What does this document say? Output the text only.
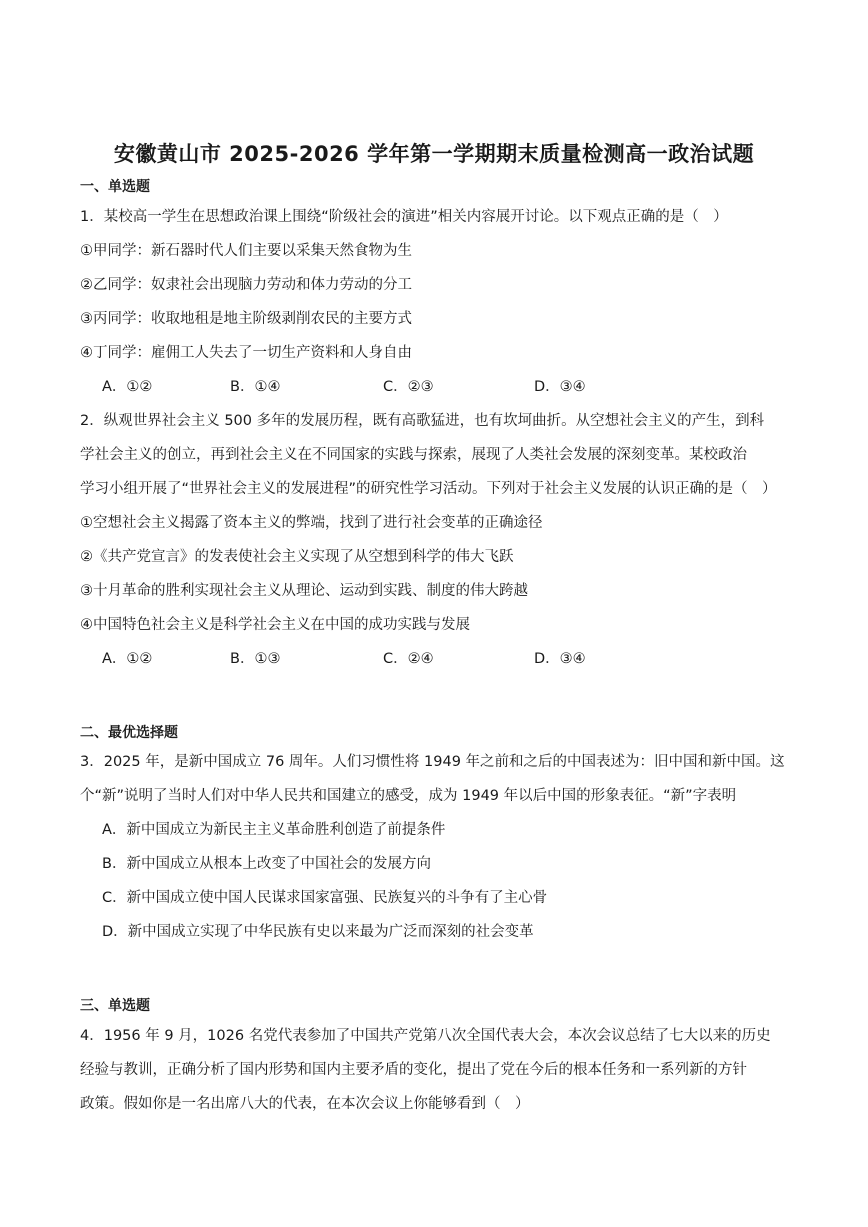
安徽黄山市 2025-2026 学年第一学期期末质量检测高一政治试题
一、单选题
1．某校高一学生在思想政治课上围绕“阶级社会的演进”相关内容展开讨论。以下观点正确的是（　）
①甲同学：新石器时代人们主要以采集天然食物为生
②乙同学：奴隶社会出现脑力劳动和体力劳动的分工
③丙同学：收取地租是地主阶级剥削农民的主要方式
④丁同学：雇佣工人失去了一切生产资料和人身自由
A．①②	B．①④	C．②③	D．③④
2．纵观世界社会主义 500 多年的发展历程，既有高歌猛进，也有坎坷曲折。从空想社会主义的产生，到科
学社会主义的创立，再到社会主义在不同国家的实践与探索，展现了人类社会发展的深刻变革。某校政治
学习小组开展了“世界社会主义的发展进程”的研究性学习活动。下列对于社会主义发展的认识正确的是（　）
①空想社会主义揭露了资本主义的弊端，找到了进行社会变革的正确途径
②《共产党宣言》的发表使社会主义实现了从空想到科学的伟大飞跃
③十月革命的胜利实现社会主义从理论、运动到实践、制度的伟大跨越
④中国特色社会主义是科学社会主义在中国的成功实践与发展
A．①②	B．①③	C．②④	D．③④
二、最优选择题
3．2025 年，是新中国成立 76 周年。人们习惯性将 1949 年之前和之后的中国表述为：旧中国和新中国。这
个“新”说明了当时人们对中华人民共和国建立的感受，成为 1949 年以后中国的形象表征。“新”字表明
A．新中国成立为新民主主义革命胜利创造了前提条件
B．新中国成立从根本上改变了中国社会的发展方向
C．新中国成立使中国人民谋求国家富强、民族复兴的斗争有了主心骨
D．新中国成立实现了中华民族有史以来最为广泛而深刻的社会变革
三、单选题
4．1956 年 9 月，1026 名党代表参加了中国共产党第八次全国代表大会，本次会议总结了七大以来的历史
经验与教训，正确分析了国内形势和国内主要矛盾的变化，提出了党在今后的根本任务和一系列新的方针
政策。假如你是一名出席八大的代表，在本次会议上你能够看到（　）
